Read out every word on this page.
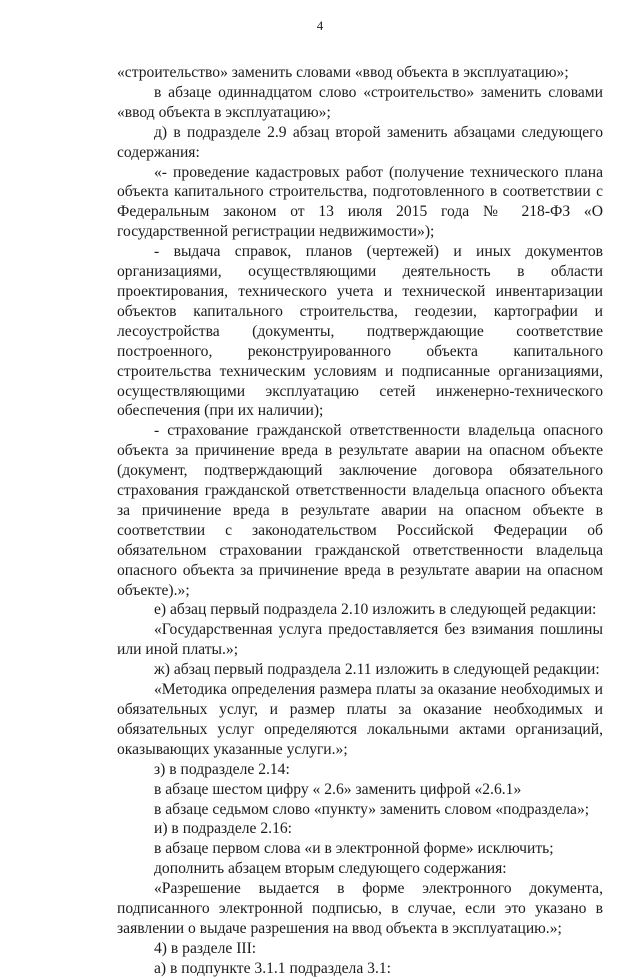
4

«строительство» заменить словами «ввод объекта в эксплуатацию»;

в абзаце одиннадцатом слово «строительство» заменить словами «ввод объекта в эксплуатацию»;

д) в подразделе 2.9 абзац второй заменить абзацами следующего содержания:

«- проведение кадастровых работ (получение технического плана объекта капитального строительства, подготовленного в соответствии с Федеральным законом от 13 июля 2015 года № 218-ФЗ «О государственной регистрации недвижимости»);

- выдача справок, планов (чертежей) и иных документов организациями, осуществляющими деятельность в области проектирования, технического учета и технической инвентаризации объектов капитального строительства, геодезии, картографии и лесоустройства (документы, подтверждающие соответствие построенного, реконструированного объекта капитального строительства техническим условиям и подписанные организациями, осуществляющими эксплуатацию сетей инженерно-технического обеспечения (при их наличии);

- страхование гражданской ответственности владельца опасного объекта за причинение вреда в результате аварии на опасном объекте (документ, подтверждающий заключение договора обязательного страхования гражданской ответственности владельца опасного объекта за причинение вреда в результате аварии на опасном объекте в соответствии с законодательством Российской Федерации об обязательном страховании гражданской ответственности владельца опасного объекта за причинение вреда в результате аварии на опасном объекте).»;

е) абзац первый подраздела 2.10 изложить в следующей редакции:

«Государственная услуга предоставляется без взимания пошлины или иной платы.»;

ж) абзац первый подраздела 2.11 изложить в следующей редакции:

«Методика определения размера платы за оказание необходимых и обязательных услуг, и размер платы за оказание необходимых и обязательных услуг определяются локальными актами организаций, оказывающих указанные услуги.»;

з) в подразделе 2.14:

в абзаце шестом цифру « 2.6» заменить цифрой «2.6.1»

в абзаце седьмом слово «пункту» заменить словом «подраздела»;

и) в подразделе 2.16:

в абзаце первом слова «и в электронной форме» исключить;

дополнить абзацем вторым следующего содержания:

«Разрешение выдается в форме электронного документа, подписанного электронной подписью, в случае, если это указано в заявлении о выдаче разрешения на ввод объекта в эксплуатацию.»;

4) в разделе III:

а) в подпункте 3.1.1 подраздела 3.1:
